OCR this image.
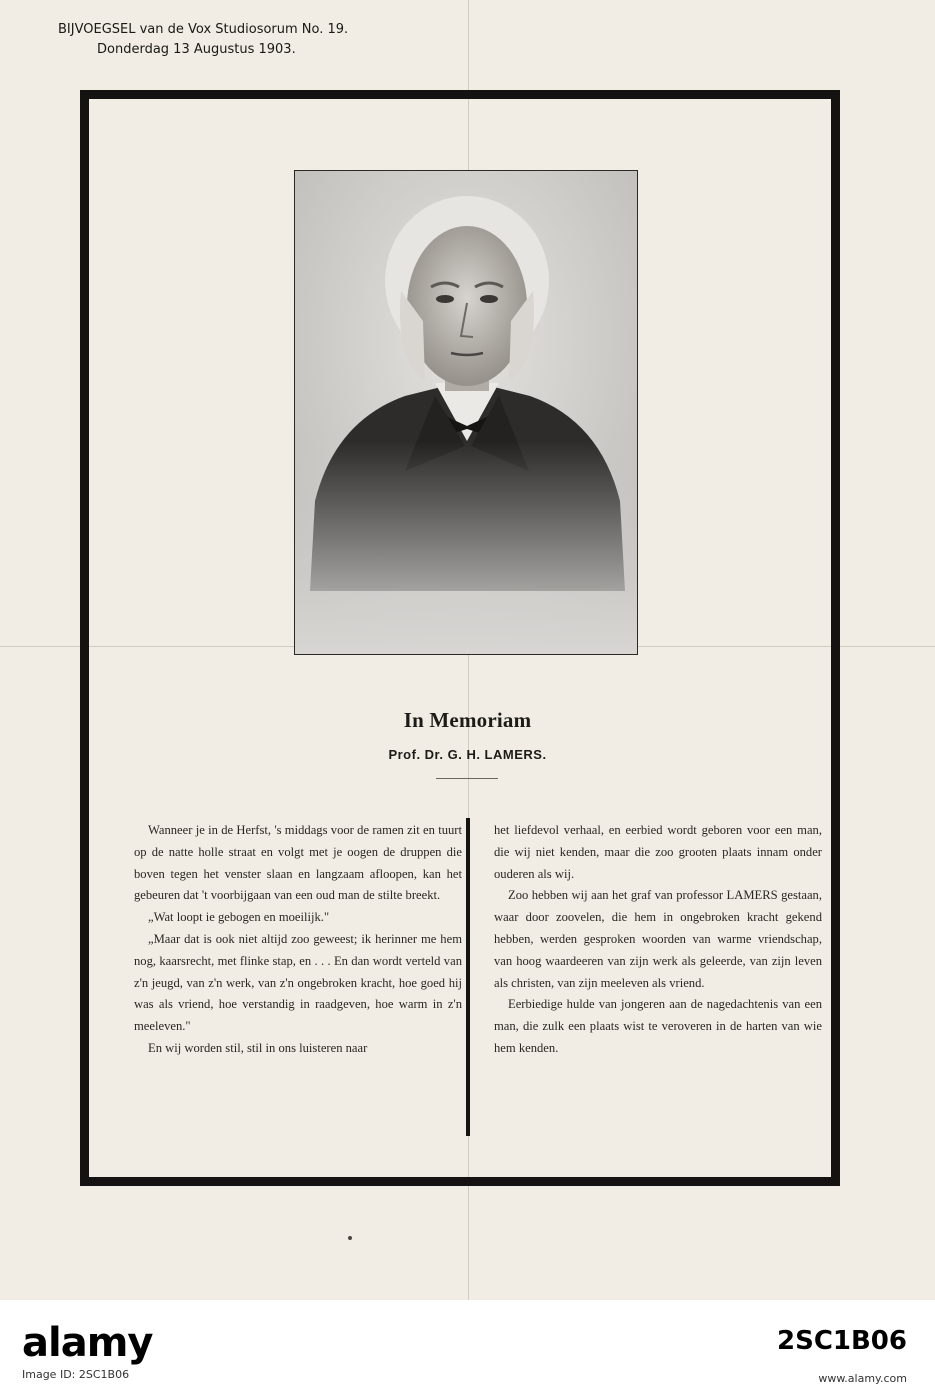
BIJVOEGSEL van de Vox Studiosorum No. 19.
Donderdag 13 Augustus 1903.
In Memoriam
Prof. Dr. G. H. LAMERS.

Wanneer je in de Herfst, 's middags voor de ramen zit en tuurt op de natte holle straat en volgt met je oogen de druppen die boven tegen het venster slaan en langzaam afloopen, kan het gebeuren dat 't voorbijgaan van een oud man de stilte breekt.

„Wat loopt ie gebogen en moeilijk."

„Maar dat is ook niet altijd zoo geweest; ik herinner me hem nog, kaarsrecht, met flinke stap, en . . . En dan wordt verteld van z'n jeugd, van z'n werk, van z'n ongebroken kracht, hoe goed hij was als vriend, hoe verstandig in raadgeven, hoe warm in z'n meeleven."

En wij worden stil, stil in ons luisteren naar

het liefdevol verhaal, en eerbied wordt geboren voor een man, die wij niet kenden, maar die zoo grooten plaats innam onder ouderen als wij.

Zoo hebben wij aan het graf van professor LAMERS gestaan, waar door zoovelen, die hem in ongebroken kracht gekend hebben, werden gesproken woorden van warme vriendschap, van hoog waardeeren van zijn werk als geleerde, van zijn leven als christen, van zijn meeleven als vriend.

Eerbiedige hulde van jongeren aan de nagedachtenis van een man, die zulk een plaats wist te veroveren in de harten van wie hem kenden.

alamy
Image ID: 2SC1B06
2SC1B06
www.alamy.com
